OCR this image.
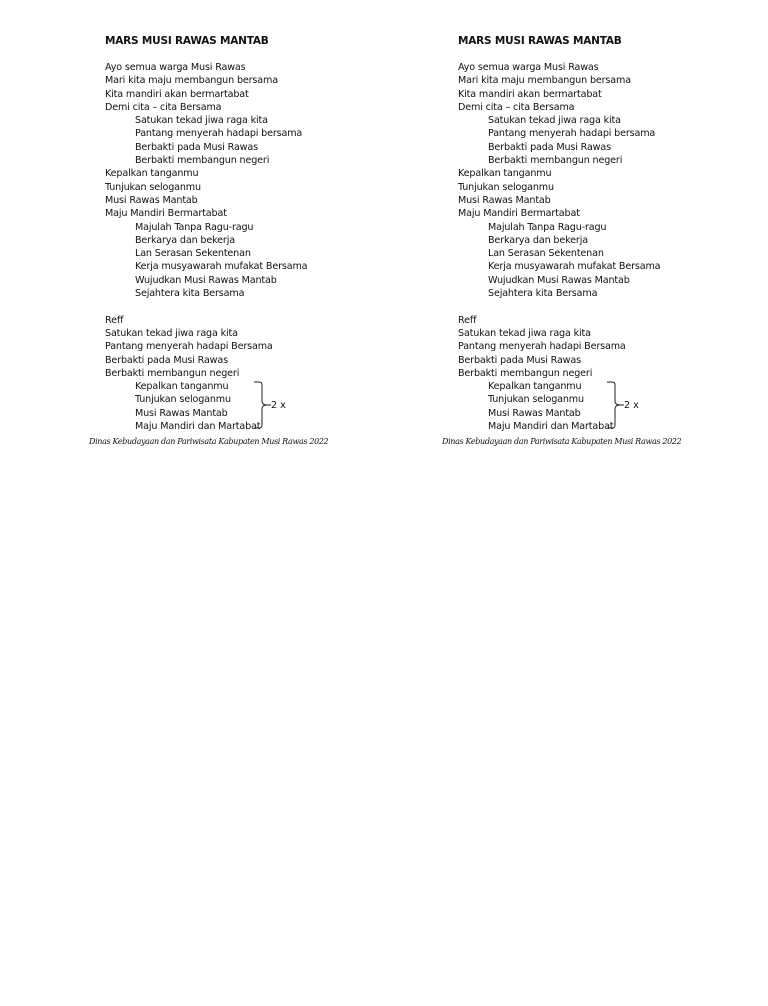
MARS MUSI RAWAS MANTAB
Ayo semua warga Musi Rawas
Mari kita maju membangun bersama
Kita mandiri akan bermartabat
Demi cita – cita Bersama
Satukan tekad jiwa raga kita
Pantang menyerah hadapi bersama
Berbakti pada Musi Rawas
Berbakti membangun negeri
Kepalkan tanganmu
Tunjukan seloganmu
Musi Rawas Mantab
Maju Mandiri Bermartabat
Majulah Tanpa Ragu-ragu
Berkarya dan bekerja
Lan Serasan Sekentenan
Kerja musyawarah mufakat Bersama
Wujudkan Musi Rawas Mantab
Sejahtera kita Bersama
Reff
Satukan tekad jiwa raga kita
Pantang menyerah hadapi Bersama
Berbakti pada Musi Rawas
Berbakti membangun negeri
Kepalkan tanganmu
Tunjukan seloganmu
Musi Rawas Mantab
Maju Mandiri dan Martabat
2 x
Dinas Kebudayaan dan Pariwisata Kabupaten Musi Rawas 2022
MARS MUSI RAWAS MANTAB
Ayo semua warga Musi Rawas
Mari kita maju membangun bersama
Kita mandiri akan bermartabat
Demi cita – cita Bersama
Satukan tekad jiwa raga kita
Pantang menyerah hadapi bersama
Berbakti pada Musi Rawas
Berbakti membangun negeri
Kepalkan tanganmu
Tunjukan seloganmu
Musi Rawas Mantab
Maju Mandiri Bermartabat
Majulah Tanpa Ragu-ragu
Berkarya dan bekerja
Lan Serasan Sekentenan
Kerja musyawarah mufakat Bersama
Wujudkan Musi Rawas Mantab
Sejahtera kita Bersama
Reff
Satukan tekad jiwa raga kita
Pantang menyerah hadapi Bersama
Berbakti pada Musi Rawas
Berbakti membangun negeri
Kepalkan tanganmu
Tunjukan seloganmu
Musi Rawas Mantab
Maju Mandiri dan Martabat
2 x
Dinas Kebudayaan dan Pariwisata Kabupaten Musi Rawas 2022
